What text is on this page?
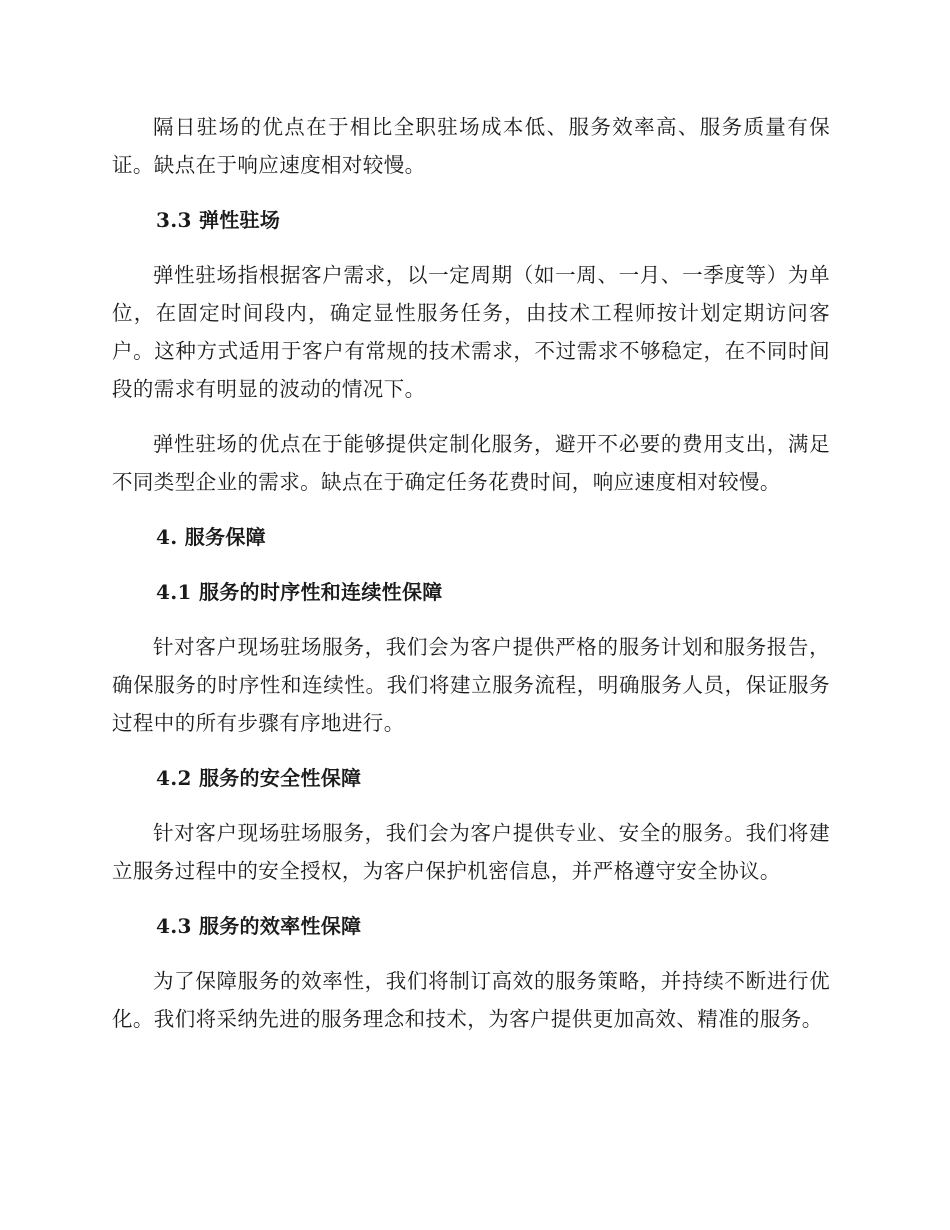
隔日驻场的优点在于相比全职驻场成本低、服务效率高、服务质量有保证。缺点在于响应速度相对较慢。

3.3 弹性驻场

弹性驻场指根据客户需求，以一定周期（如一周、一月、一季度等）为单位，在固定时间段内，确定显性服务任务，由技术工程师按计划定期访问客户。这种方式适用于客户有常规的技术需求，不过需求不够稳定，在不同时间段的需求有明显的波动的情况下。

弹性驻场的优点在于能够提供定制化服务，避开不必要的费用支出，满足不同类型企业的需求。缺点在于确定任务花费时间，响应速度相对较慢。

4. 服务保障
4.1 服务的时序性和连续性保障

针对客户现场驻场服务，我们会为客户提供严格的服务计划和服务报告，确保服务的时序性和连续性。我们将建立服务流程，明确服务人员，保证服务过程中的所有步骤有序地进行。

4.2 服务的安全性保障

针对客户现场驻场服务，我们会为客户提供专业、安全的服务。我们将建立服务过程中的安全授权，为客户保护机密信息，并严格遵守安全协议。

4.3 服务的效率性保障

为了保障服务的效率性，我们将制订高效的服务策略，并持续不断进行优化。我们将采纳先进的服务理念和技术，为客户提供更加高效、精准的服务。
